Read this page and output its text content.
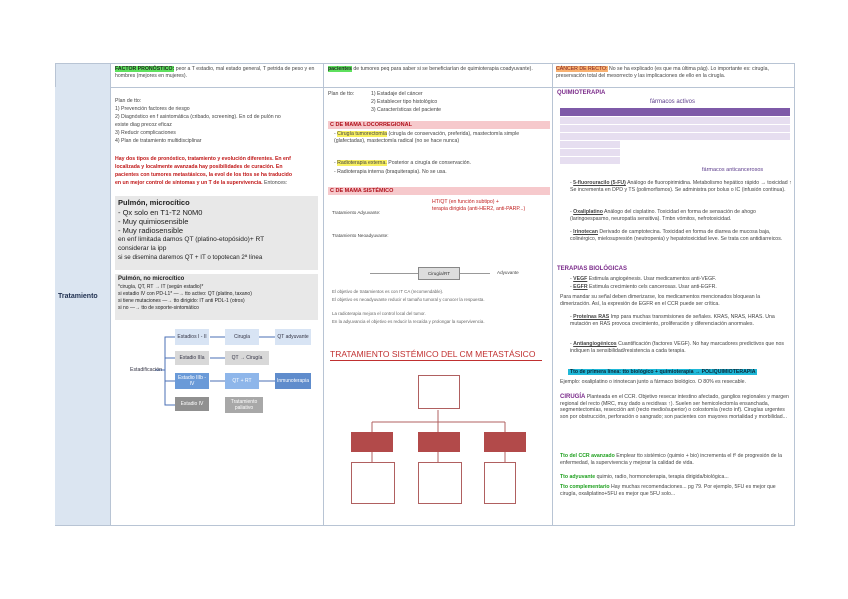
Tratamiento
FACTOR PRONÓSTICO: peor a T estadio, mal estado general, T petrida de peso y en hombres (mejores en mujeres).
pacientes de tumores peq para saber si se beneficiarían de quimioterapia coadyuvante).	CÁNCER DE RECTO: No se ha explicado (es que ma última pág). Lo importante es: cirugía, preservación total del mesorrecto y las implicaciones de ello en la cirugía.
Plan de tto:
1) Prevención factores de riesgo
2) Diagnóstico en f asintomática (cribado, screening). En cd de pulón no
existe diag precoz eficaz
3) Reducir complicaciones
4) Plan de tratamiento multidisciplinar
Hay dos tipos de pronóstico, tratamiento y evolución diferentes. En enf
localizada y localmente avanzada hay posibilidades de curación. En
pacientes con tumores metastásicos, la evol de los ttos se ha traducido
en un mejor control de síntomas y un T de la supervivencia. Entonces:
Pulmón, microcítico
- Qx solo en T1-T2 N0M0
- Muy quimiosensible
- Muy radiosensible
en enf limitada damos QT (platino-etopósido)+ RT
considerar la ipp
si se disemina daremos QT + IT o topotecan 2ª línea
Pulmón, no microcítico
*cirugía, QT, RT → IT (según estadio)*
si estadio IV con PD-L1* —→ tto activo: QT (platino, taxano)
si tiene mutaciones —→ tto dirigido: IT anti PDL-1 (otros)
si no —→ tto de soporte-sintomático
Estadificación
Estadios I - II
Estadio IIIa
Estadio IIIb - IV
Estadio IV
Cirugía	QT adyuvante
QT → Cirugía
QT + RT	Inmunoterapia
Tratamiento paliativo
Plan de tto:	1) Estadaje del cáncer
2) Establecer tipo histológico
3) Características del paciente
C DE MAMA LOCORREGIONAL
- Cirugía tumorectomía (cirugía de conservación, preferida), mastectomía simple (glafectadas), mastectomía radical (no se hace nunca)
- Radioterapia externa. Posterior a cirugía de conservación.
- Radioterapia interna (braquiterapia). No se usa.
C DE MAMA SISTÉMICO
Tratamiento Adyuvante:
HT/QT (en función subtipo) +
terapia dirigida (anti-HER2, anti-PARP...)
Tratamiento Neoadyuvante:
Cirugía/RT	Adyuvante
El objetivo de tratamientos es con IT CA (recomendable).
El objetivo es neoadyuvante reducir el tamaño tumoral y conocer la respuesta.
La radioterapia mejora el control local del tumor.
En la adyuvancia el objetivo es reducir la recaída y prolongar la supervivencia.
TRATAMIENTO SISTÉMICO DEL CM METASTÁSICO
QUIMIOTERAPIA
fármacos activos
fármacos anticancerosos
- 5-fluorouracilo (5-FU) Análogo de fluoropirimidina. Metabolismo hepático rápido → toxicidad ↑ Se incrementa en DPD y TS (polimorfismos). Se administra por bolus o IC (infusión continua).
- Oxaliplatino Análogo del cisplatino. Toxicidad en forma de sensación de ahogo (laringoespasmo, neuropatía sensitiva). Tmbn vómitos, nefrotoxicidad.
- Irinotecan Derivado de camptotecina. Toxicidad en forma de diarrea de mucosa baja, colinérgico, mielosupresión (neutropenia) y hepatotoxicidad leve. Se trata con antidiarreicos.
TERAPIAS BIOLÓGICAS
- VEGF Estimula angiogénesis. Usar medicamentos anti-VEGF.
- EGFR Estimula crecimiento cels cancerosas. Usar anti-EGFR.
Para mandar su señal deben dimerizarse, los medicamentos mencionados bloquean la dimerización. Así, la expresión de EGFR en el CCR puede ser crítica.
- Proteínas RAS Imp para muchas transmisiones de señales. KRAS, NRAS, HRAS. Una mutación en RAS provoca crecimiento, proliferación y diferenciación anormales.
- Antiangiogénicos Cuantificación (factores VEGF). No hay marcadores predictivos que nos indiquen la sensibilidad/resistencia a cada terapia.
Tto de primera línea: tto biológico + quimioterapia → POLIQUIMIOTERAPIA
Ejemplo: oxaliplatino o irinotecan junto a fármaco biológico. O 80% es resecable.
CIRUGÍA Planteada en el CCR. Objetivo resecar intestino afectado, ganglios regionales y margen regional del recto (MRC, muy dado a recidivas ↑). Suelen ser hemicolectomía ensanchada, segmentectomías, resección ant (recto medio/superior) o colostomía (recto inf). Cirugías urgentes son por obstrucción, perforación o sangrado; son pacientes con mayores mortalidad y morbilidad...
Tto del CCR avanzado Emplear tto sistémico (quimio + bio) incrementa el tº de progresión de la enfermedad, la supervivencia y mejorar la calidad de vida.
Tto adyuvante quimio, radio, hormonoterapia, terapia dirigida/biológica...
Tto complementario Hay muchas recomendaciones... pg 79. Por ejemplo, 5FU es mejor que cirugía, oxaliplatino+5FU es mejor que 5FU solo...
